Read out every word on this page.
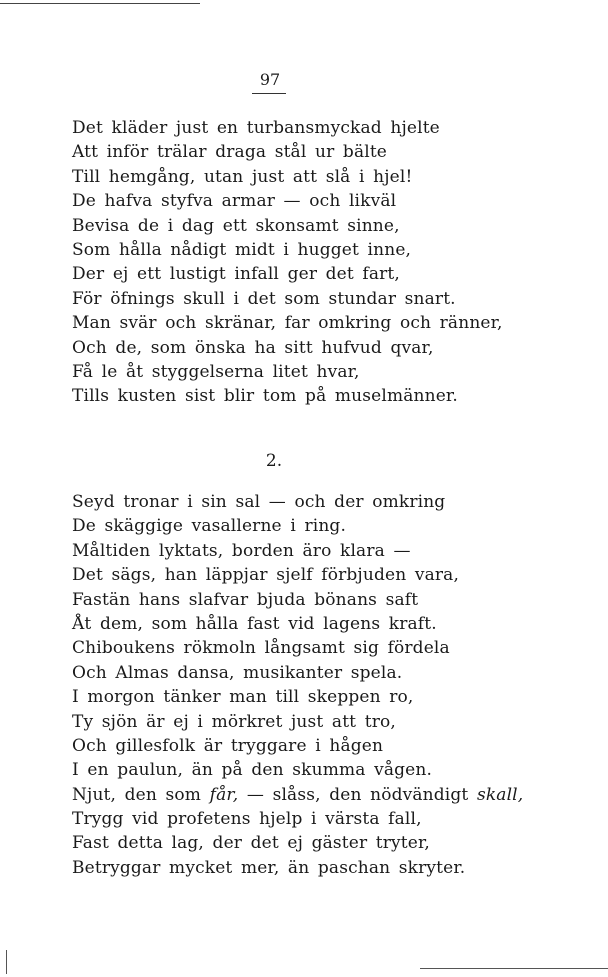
97
Det kläder just en turbansmyckad hjelte
Att inför trälar draga stål ur bälte
Till hemgång, utan just att slå i hjel!
De hafva styfva armar — och likväl
Bevisa de i dag ett skonsamt sinne,
Som hålla nådigt midt i hugget inne,
Der ej ett lustigt infall ger det fart,
För öfnings skull i det som stundar snart.
Man svär och skränar, far omkring och ränner,
Och de, som önska ha sitt hufvud qvar,
Få le åt styggelserna litet hvar,
Tills kusten sist blir tom på muselmänner.
2.
Seyd tronar i sin sal — och der omkring
De skäggige vasallerne i ring.
Måltiden lyktats, borden äro klara —
Det sägs, han läppjar sjelf förbjuden vara,
Fastän hans slafvar bjuda bönans saft
Åt dem, som hålla fast vid lagens kraft.
Chiboukens rökmoln långsamt sig fördela
Och Almas dansa, musikanter spela.
I morgon tänker man till skeppen ro,
Ty sjön är ej i mörkret just att tro,
Och gillesfolk är tryggare i hågen
I en paulun, än på den skumma vågen.
Njut, den som får, — slåss, den nödvändigt skall,
Trygg vid profetens hjelp i värsta fall,
Fast detta lag, der det ej gäster tryter,
Betryggar mycket mer, än paschan skryter.
